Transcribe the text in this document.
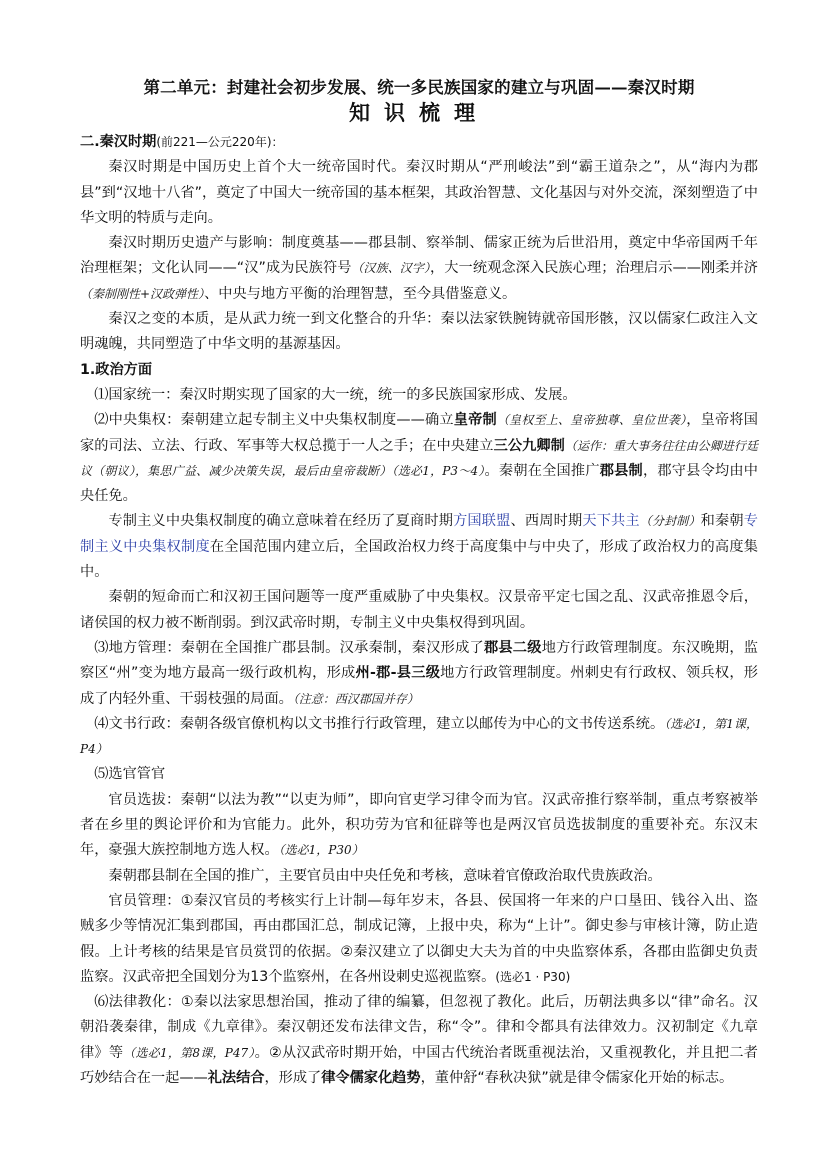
第二单元：封建社会初步发展、统一多民族国家的建立与巩固——秦汉时期

知识梳理

二.秦汉时期(前221—公元220年)：

秦汉时期是中国历史上首个大一统帝国时代。秦汉时期从“严刑峻法”到“霸王道杂之”，从“海内为郡县”到“汉地十八省”，奠定了中国大一统帝国的基本框架，其政治智慧、文化基因与对外交流，深刻塑造了中华文明的特质与走向。

秦汉时期历史遗产与影响：制度奠基——郡县制、察举制、儒家正统为后世沿用，奠定中华帝国两千年治理框架；文化认同——“汉”成为民族符号（汉族、汉字），大一统观念深入民族心理；治理启示——刚柔并济（秦制刚性+汉政弹性）、中央与地方平衡的治理智慧，至今具借鉴意义。

秦汉之变的本质，是从武力统一到文化整合的升华：秦以法家铁腕铸就帝国形骸，汉以儒家仁政注入文明魂魄，共同塑造了中华文明的基源基因。

1.政治方面

⑴国家统一：秦汉时期实现了国家的大一统，统一的多民族国家形成、发展。

⑵中央集权：秦朝建立起专制主义中央集权制度——确立皇帝制（皇权至上、皇帝独尊、皇位世袭），皇帝将国家的司法、立法、行政、军事等大权总揽于一人之手；在中央建立三公九卿制（运作：重大事务往往由公卿进行廷议（朝议），集思广益、减少决策失误，最后由皇帝裁断）（选必1，P3～4）。秦朝在全国推广郡县制，郡守县令均由中央任免。

专制主义中央集权制度的确立意味着在经历了夏商时期方国联盟、西周时期天下共主（分封制）和秦朝专制主义中央集权制度在全国范围内建立后，全国政治权力终于高度集中与中央了，形成了政治权力的高度集中。

秦朝的短命而亡和汉初王国问题等一度严重威胁了中央集权。汉景帝平定七国之乱、汉武帝推恩令后，诸侯国的权力被不断削弱。到汉武帝时期，专制主义中央集权得到巩固。

⑶地方管理：秦朝在全国推广郡县制。汉承秦制，秦汉形成了郡县二级地方行政管理制度。东汉晚期，监察区“州”变为地方最高一级行政机构，形成州-郡-县三级地方行政管理制度。州刺史有行政权、领兵权，形成了内轻外重、干弱枝强的局面。（注意：西汉郡国并存）

⑷文书行政：秦朝各级官僚机构以文书推行行政管理，建立以邮传为中心的文书传送系统。（选必1，第1课，P4）

⑸选官管官

官员选拔：秦朝“以法为教”“以吏为师”，即向官吏学习律令而为官。汉武帝推行察举制，重点考察被举者在乡里的舆论评价和为官能力。此外，积功劳为官和征辟等也是两汉官员选拔制度的重要补充。东汉末年，豪强大族控制地方选人权。（选必1，P30）

秦朝郡县制在全国的推广，主要官员由中央任免和考核，意味着官僚政治取代贵族政治。

官员管理：①秦汉官员的考核实行上计制—每年岁末，各县、侯国将一年来的户口垦田、钱谷入出、盗贼多少等情况汇集到郡国，再由郡国汇总，制成记簿，上报中央，称为“上计”。御史参与审核计簿，防止造假。上计考核的结果是官员赏罚的依据。②秦汉建立了以御史大夫为首的中央监察体系，各郡由监御史负责监察。汉武帝把全国划分为13个监察州，在各州设刺史巡视监察。(选必1 · P30)

⑹法律教化：①秦以法家思想治国，推动了律的编纂，但忽视了教化。此后，历朝法典多以“律”命名。汉朝沿袭秦律，制成《九章律》。秦汉朝还发布法律文告，称“令”。律和令都具有法律效力。汉初制定《九章律》等（选必1，第8课，P47）。②从汉武帝时期开始，中国古代统治者既重视法治，又重视教化，并且把二者巧妙结合在一起——礼法结合，形成了律令儒家化趋势，董仲舒“春秋决狱”就是律令儒家化开始的标志。
